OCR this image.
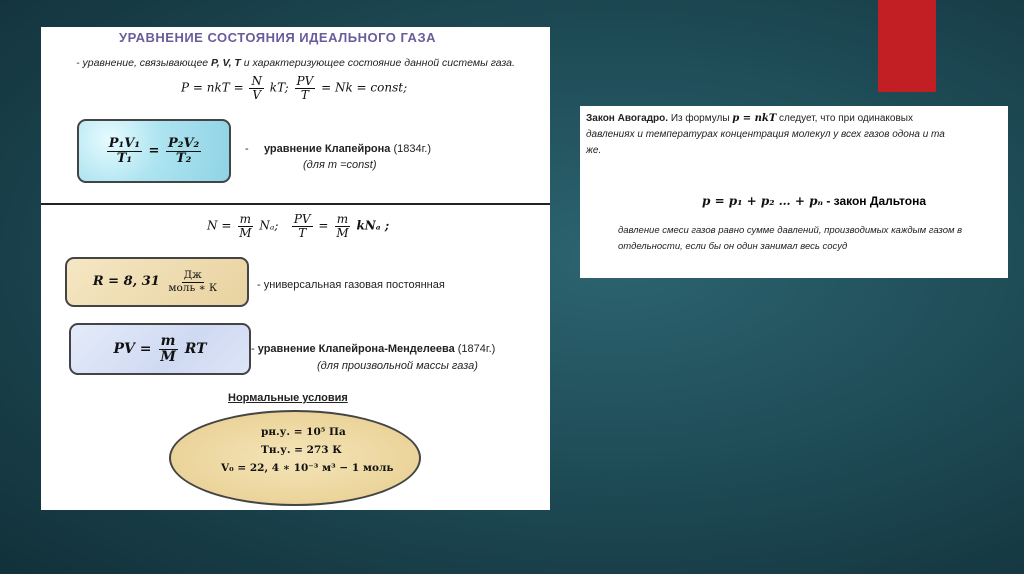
УРАВНЕНИЕ СОСТОЯНИЯ ИДЕАЛЬНОГО ГАЗА
- уравнение, связывающее P, V, T и характеризующее состояние данной системы газа.
P = nkT = $\frac{N}{V}$ kT; $\frac{PV}{T} = Nk$ = const;
$\frac{\text{P₁V₁}}{\text{T₁}} = \frac{\text{P₂V₂}}{\text{T₂}}$	- уравнение Клапейрона (1834г.)
(для m =const)
$N = \frac{m}{M} N_a$; $\frac{PV}{T} = \frac{m}{M}$ kNₐ ;
R = 8, $31 \frac{Дж}{\text{моль ∗ К}}$	- универсальная газовая постоянная
PV = $\frac{m}{M}$ RT	- уравнение Клапейрона-Менделеева (1874г.)
(для произвольной массы газа)
Нормальные условия
pн.у. = 10⁵ Па
Tн.у. = 273 К
V₀ = 22, 4 ∗ 10⁻³ м³ − 1 моль
Закон Авогадро. Из формулы p = nkT следует, что при одинаковых
давлениях и температурах концентрация молекул у всех газов одона и та
же.
p = p₁ + p₂ … + pₙ - закон Дальтона
давление смеси газов равно сумме давлений, производимых каждым газом в
отдельности, если бы он один занимал весь сосуд
